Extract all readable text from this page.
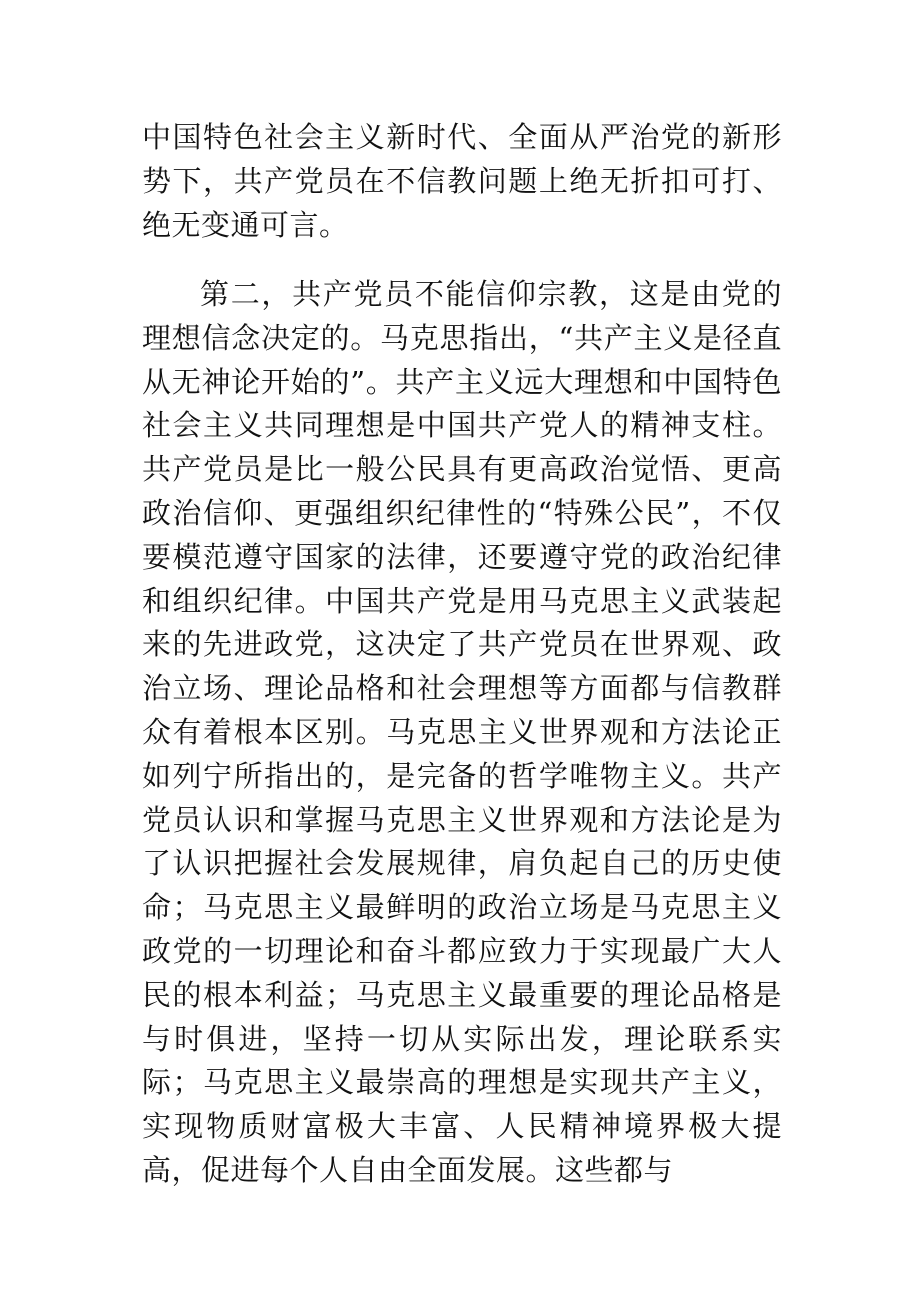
中国特色社会主义新时代、全面从严治党的新形势下，共产党员在不信教问题上绝无折扣可打、绝无变通可言。

第二，共产党员不能信仰宗教，这是由党的理想信念决定的。马克思指出，“共产主义是径直从无神论开始的”。共产主义远大理想和中国特色社会主义共同理想是中国共产党人的精神支柱。共产党员是比一般公民具有更高政治觉悟、更高政治信仰、更强组织纪律性的“特殊公民”，不仅要模范遵守国家的法律，还要遵守党的政治纪律和组织纪律。中国共产党是用马克思主义武装起来的先进政党，这决定了共产党员在世界观、政治立场、理论品格和社会理想等方面都与信教群众有着根本区别。马克思主义世界观和方法论正如列宁所指出的，是完备的哲学唯物主义。共产党员认识和掌握马克思主义世界观和方法论是为了认识把握社会发展规律，肩负起自己的历史使命；马克思主义最鲜明的政治立场是马克思主义政党的一切理论和奋斗都应致力于实现最广大人民的根本利益；马克思主义最重要的理论品格是与时俱进，坚持一切从实际出发，理论联系实际；马克思主义最崇高的理想是实现共产主义，实现物质财富极大丰富、人民精神境界极大提高，促进每个人自由全面发展。这些都与
